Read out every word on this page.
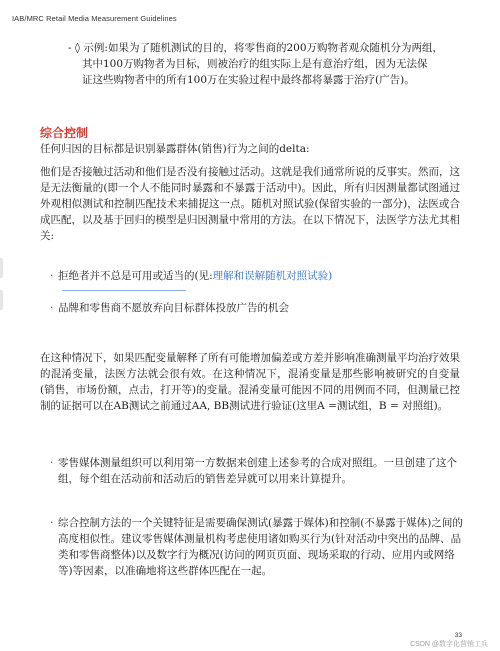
IAB/MRC Retail Media Measurement Guidelines
- ◊ 示例:如果为了随机测试的目的，将零售商的200万购物者观众随机分为两组，
其中100万购物者为目标，则被治疗的组实际上是有意治疗组，因为无法保
证这些购物者中的所有100万在实验过程中最终都将暴露于治疗(广告)。
综合控制
任何归因的目标都是识别暴露群体(销售)行为之间的delta:
他们是否接触过活动和他们是否没有接触过活动。这就是我们通常所说的反事实。然而，这是无法衡量的(即一个人不能同时暴露和不暴露于活动中)。因此，所有归因测量都试图通过外观相似测试和控制匹配技术来捕捉这一点。随机对照试验(保留实验的一部分)，法医或合成匹配，以及基于回归的模型是归因测量中常用的方法。在以下情况下，法医学方法尤其相关:
· 拒绝者并不总是可用或适当的(见:理解和误解随机对照试验)
· 品牌和零售商不愿放弃向目标群体投放广告的机会
在这种情况下，如果匹配变量解释了所有可能增加偏差或方差并影响准确测量平均治疗效果的混淆变量，法医方法就会很有效。在这种情况下，混淆变量是那些影响被研究的自变量(销售，市场份额，点击，打开等)的变量。混淆变量可能因不同的用例而不同，但测量已控制的证据可以在AB测试之前通过AA, BB测试进行验证(这里A =测试组，B = 对照组)。
· 零售媒体测量组织可以利用第一方数据来创建上述参考的合成对照组。一旦创建了这个组，每个组在活动前和活动后的销售差异就可以用来计算提升。
· 综合控制方法的一个关键特征是需要确保测试(暴露于媒体)和控制(不暴露于媒体)之间的高度相似性。建议零售媒体测量机构考虑使用诸如购买行为(针对活动中突出的品牌、品类和零售商整体)以及数字行为概况(访问的网页页面、现场采取的行动、应用内或网络等)等因素，以准确地将这些群体匹配在一起。
33
CSDN @数字化营销工兵
